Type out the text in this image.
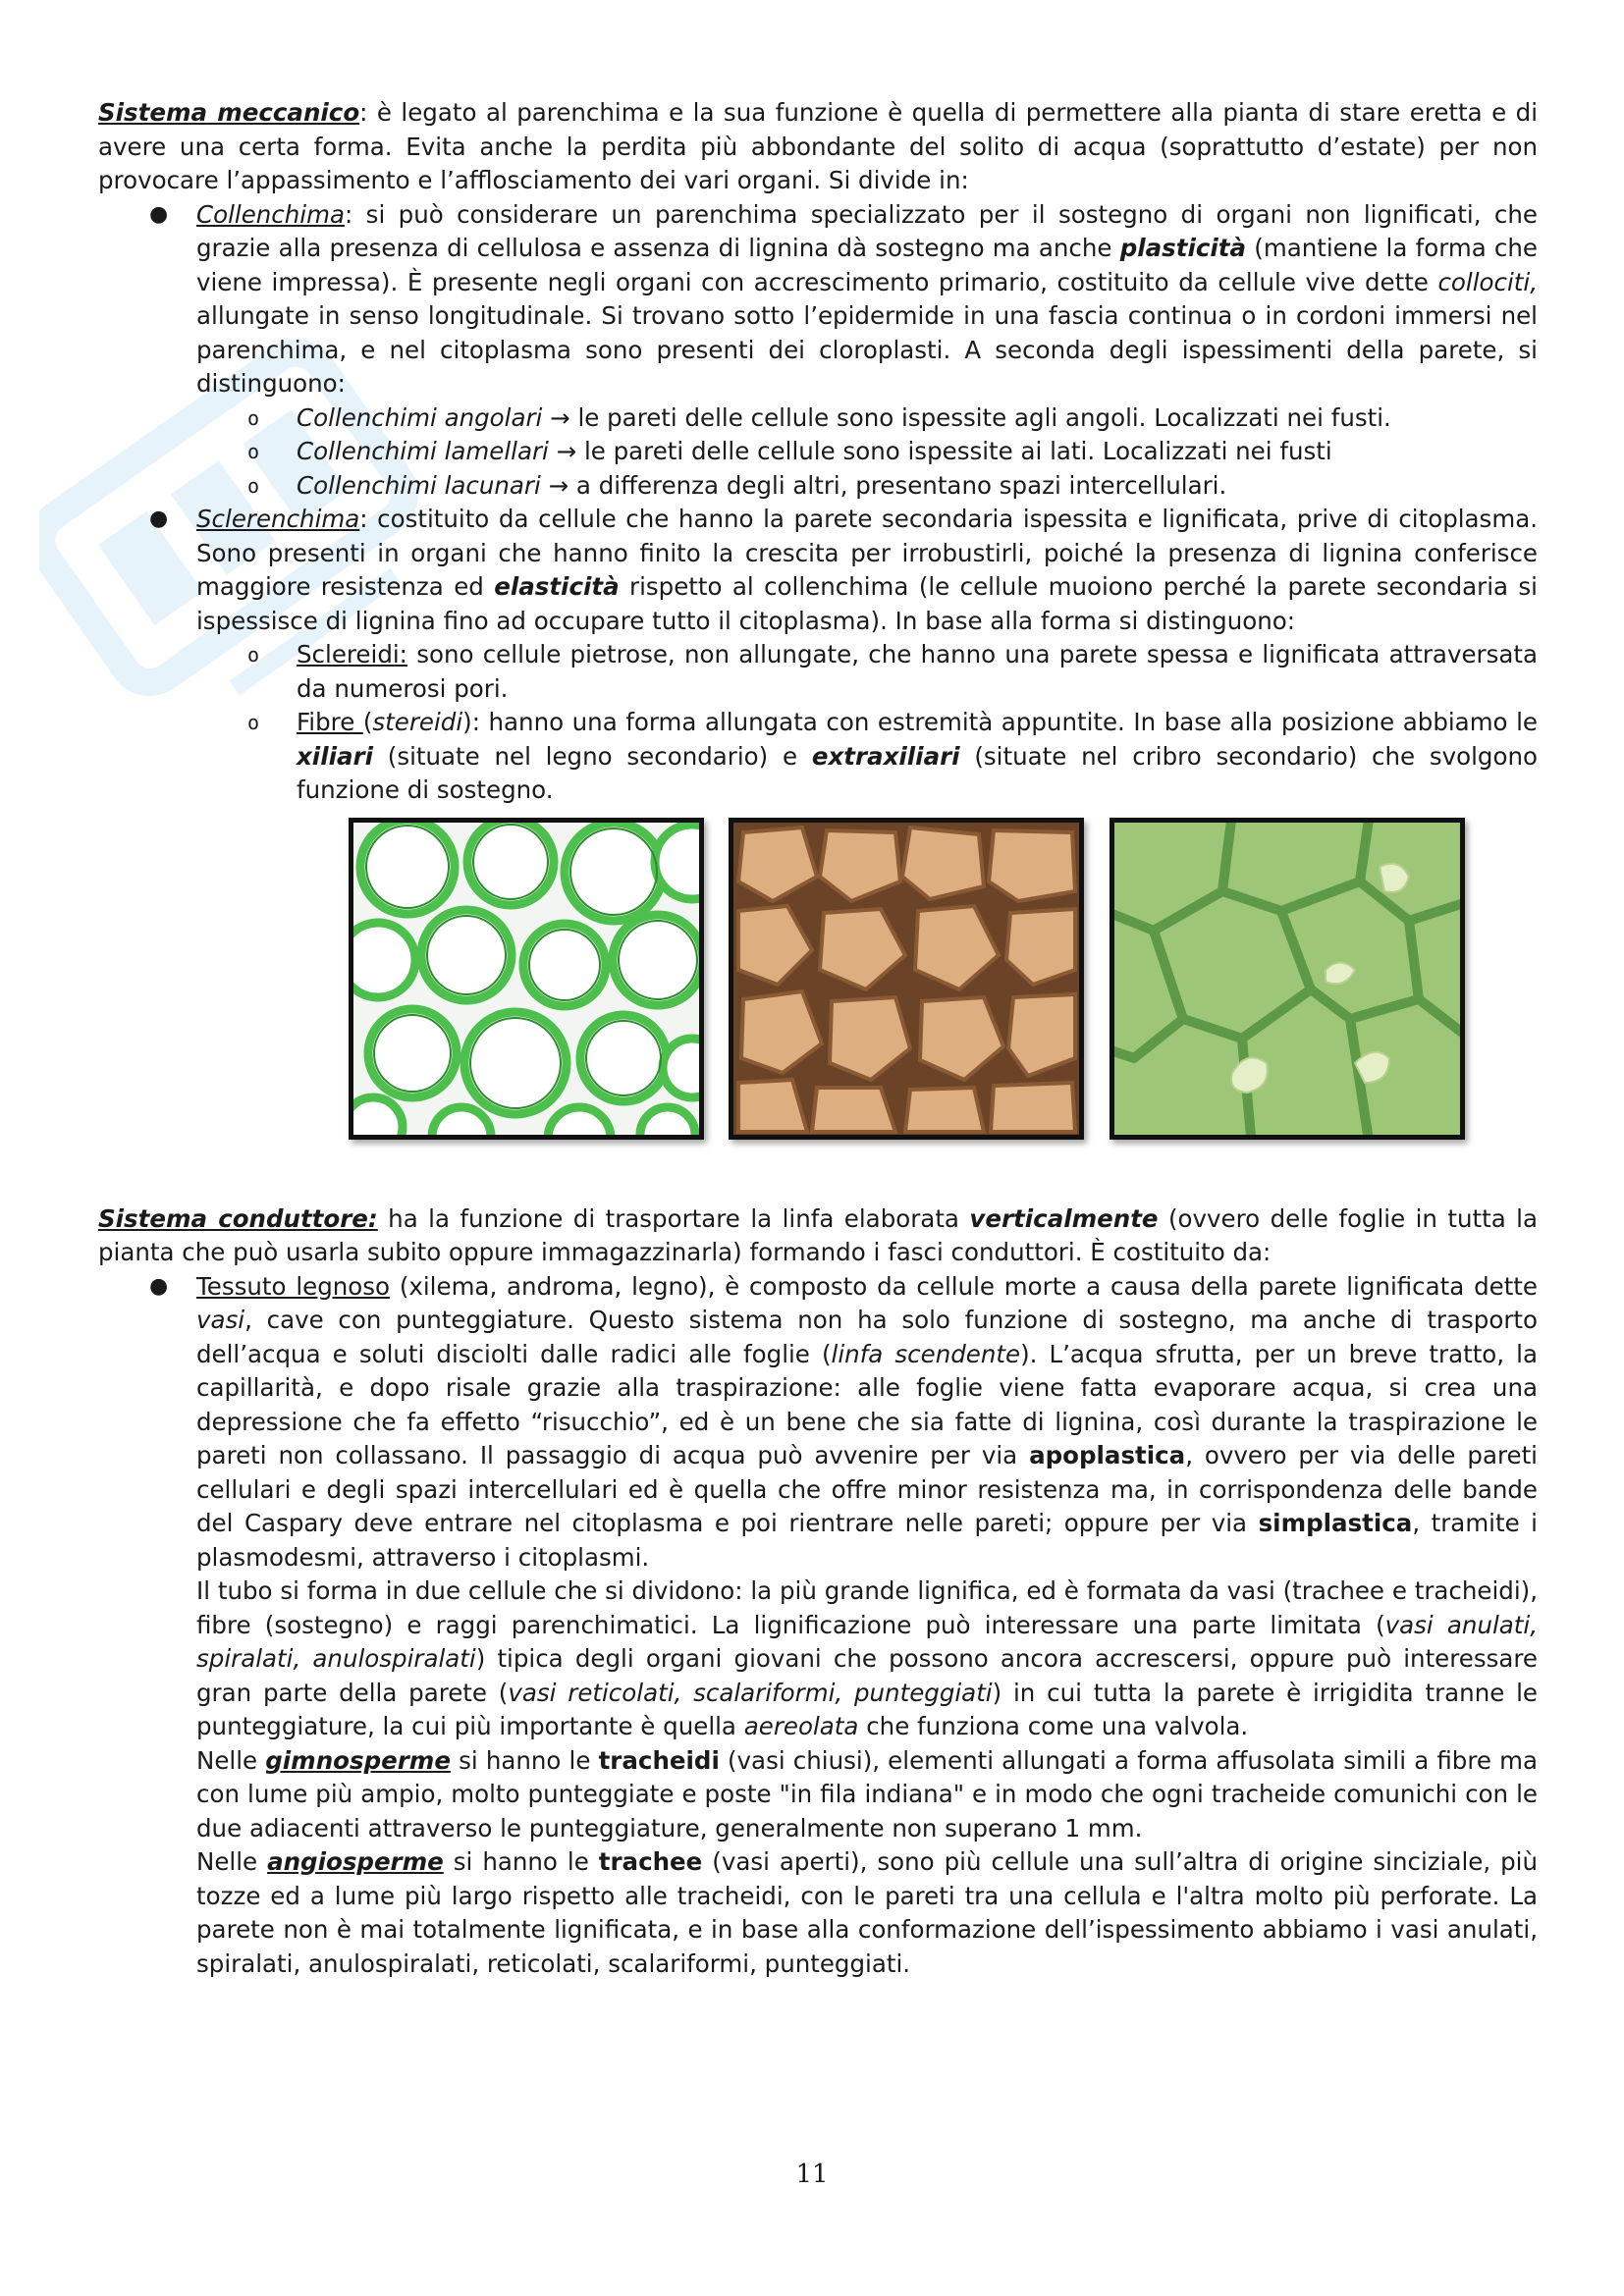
Sistema meccanico: è legato al parenchima e la sua funzione è quella di permettere alla pianta di stare eretta e di avere una certa forma. Evita anche la perdita più abbondante del solito di acqua (soprattutto d’estate) per non provocare l’appassimento e l’afflosciamento dei vari organi. Si divide in:

● Collenchima: si può considerare un parenchima specializzato per il sostegno di organi non lignificati, che grazie alla presenza di cellulosa e assenza di lignina dà sostegno ma anche plasticità (mantiene la forma che viene impressa). È presente negli organi con accrescimento primario, costituito da cellule vive dette collociti, allungate in senso longitudinale. Si trovano sotto l’epidermide in una fascia continua o in cordoni immersi nel parenchima, e nel citoplasma sono presenti dei cloroplasti. A seconda degli ispessimenti della parete, si distinguono:
o Collenchimi angolari → le pareti delle cellule sono ispessite agli angoli. Localizzati nei fusti.
o Collenchimi lamellari → le pareti delle cellule sono ispessite ai lati. Localizzati nei fusti
o Collenchimi lacunari → a differenza degli altri, presentano spazi intercellulari.
● Sclerenchima: costituito da cellule che hanno la parete secondaria ispessita e lignificata, prive di citoplasma. Sono presenti in organi che hanno finito la crescita per irrobustirli, poiché la presenza di lignina conferisce maggiore resistenza ed elasticità rispetto al collenchima (le cellule muoiono perché la parete secondaria si ispessisce di lignina fino ad occupare tutto il citoplasma). In base alla forma si distinguono:
o Sclereidi: sono cellule pietrose, non allungate, che hanno una parete spessa e lignificata attraversata da numerosi pori.
o Fibre (stereidi): hanno una forma allungata con estremità appuntite. In base alla posizione abbiamo le xiliari (situate nel legno secondario) e extraxiliari (situate nel cribro secondario) che svolgono funzione di sostegno.

Sistema conduttore: ha la funzione di trasportare la linfa elaborata verticalmente (ovvero delle foglie in tutta la pianta che può usarla subito oppure immagazzinarla) formando i fasci conduttori. È costituito da:

● Tessuto legnoso (xilema, androma, legno), è composto da cellule morte a causa della parete lignificata dette vasi, cave con punteggiature. Questo sistema non ha solo funzione di sostegno, ma anche di trasporto dell’acqua e soluti disciolti dalle radici alle foglie (linfa scendente). L’acqua sfrutta, per un breve tratto, la capillarità, e dopo risale grazie alla traspirazione: alle foglie viene fatta evaporare acqua, si crea una depressione che fa effetto “risucchio”, ed è un bene che sia fatte di lignina, così durante la traspirazione le pareti non collassano. Il passaggio di acqua può avvenire per via apoplastica, ovvero per via delle pareti cellulari e degli spazi intercellulari ed è quella che offre minor resistenza ma, in corrispondenza delle bande del Caspary deve entrare nel citoplasma e poi rientrare nelle pareti; oppure per via simplastica, tramite i plasmodesmi, attraverso i citoplasmi.
Il tubo si forma in due cellule che si dividono: la più grande lignifica, ed è formata da vasi (trachee e tracheidi), fibre (sostegno) e raggi parenchimatici. La lignificazione può interessare una parte limitata (vasi anulati, spiralati, anulospiralati) tipica degli organi giovani che possono ancora accrescersi, oppure può interessare gran parte della parete (vasi reticolati, scalariformi, punteggiati) in cui tutta la parete è irrigidita tranne le punteggiature, la cui più importante è quella aereolata che funziona come una valvola.
Nelle gimnosperme si hanno le tracheidi (vasi chiusi), elementi allungati a forma affusolata simili a fibre ma con lume più ampio, molto punteggiate e poste "in fila indiana" e in modo che ogni tracheide comunichi con le due adiacenti attraverso le punteggiature, generalmente non superano 1 mm.
Nelle angiosperme si hanno le trachee (vasi aperti), sono più cellule una sull’altra di origine sinciziale, più tozze ed a lume più largo rispetto alle tracheidi, con le pareti tra una cellula e l'altra molto più perforate. La parete non è mai totalmente lignificata, e in base alla conformazione dell’ispessimento abbiamo i vasi anulati, spiralati, anulospiralati, reticolati, scalariformi, punteggiati.
11
